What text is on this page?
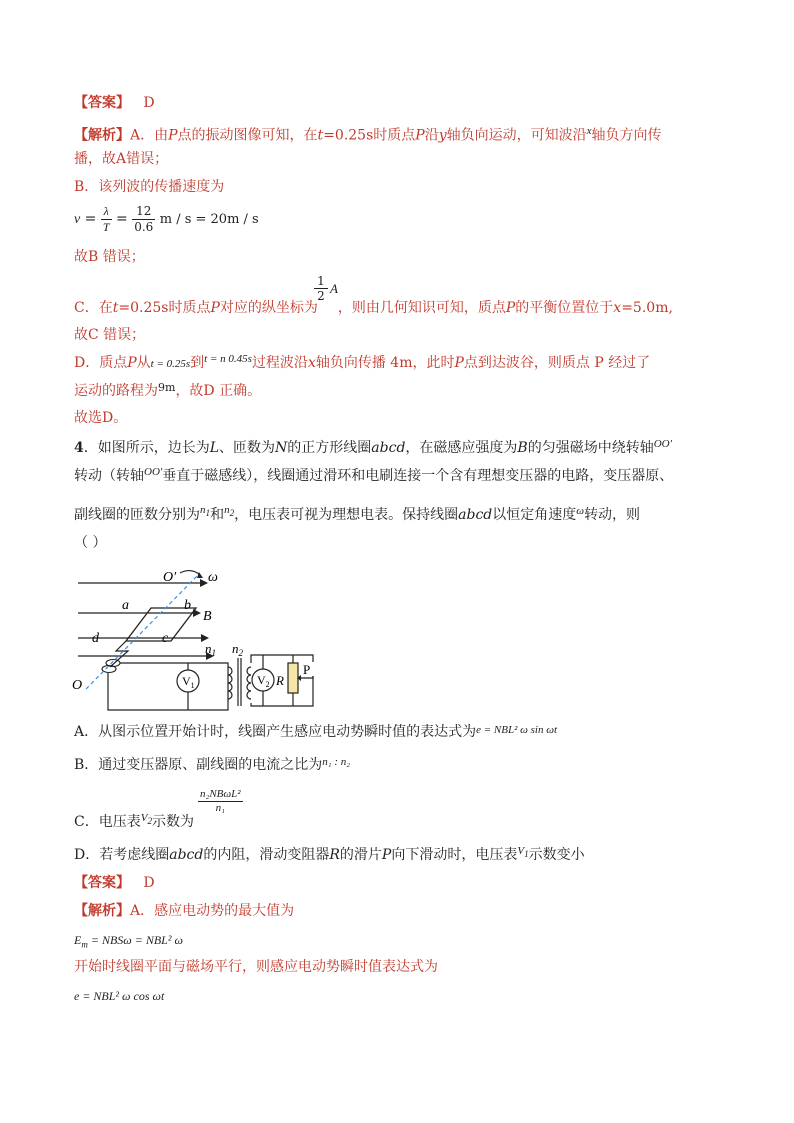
【答案】 D
【解析】A．由P点的振动图像可知，在t=0.25s时质点P沿y轴负向运动，可知波沿$^x$轴负方向传
播，故A错误；
B．该列波的传播速度为
$v = \frac{\lambda}{T} = \frac{12}{0.6}$ m / s = 20m / s
故B 错误；
1
2 A
C．在t=0.25s时质点P对应的纵坐标为 ，则由几何知识可知，质点P的平衡位置位于x=5.0m,
故C 错误；
D．质点P从t = 0.25s到$^{t = n 0.45s}$过程波沿x轴负向传播 4m，此时P点到达波谷，则质点 P 经过了
运动的路程为$^{9m}$，故D 正确。
故选D。
4．如图所示，边长为L、匝数为N的正方形线圈abcd，在磁感应强度为B的匀强磁场中绕转轴$^{OO'}$
转动（转轴$^{OO'}$垂直于磁感线），线圈通过滑环和电刷连接一个含有理想变压器的电路，变压器原、
副线圈的匝数分别为$^{n_1}$和$^{n_2}$，电压表可视为理想电表。保持线圈abcd以恒定角速度$^\omega$转动，则
（ ）
O′ ω
a	b
B
c
d
$n_1$ $n_2$
O	$V_1$	$V_2$ R
P
A．从图示位置开始计时，线圈产生感应电动势瞬时值的表达式为$^{e = NBL^2 \omega sin \omega t}$
B．通过变压器原、副线圈的电流之比为$^{n_1 : n_2}$
n₂NBωL²
n₁
C．电压表$^{V_2}$示数为
D．若考虑线圈abcd的内阻，滑动变阻器R的滑片P向下滑动时，电压表$^{V_1}$示数变小
【答案】 D
【解析】A．感应电动势的最大值为
$E_m = NBS\omega = NBL^2$ ω
开始时线圈平面与磁场平行，则感应电动势瞬时值表达式为
e = NBL² ω cos ωt
